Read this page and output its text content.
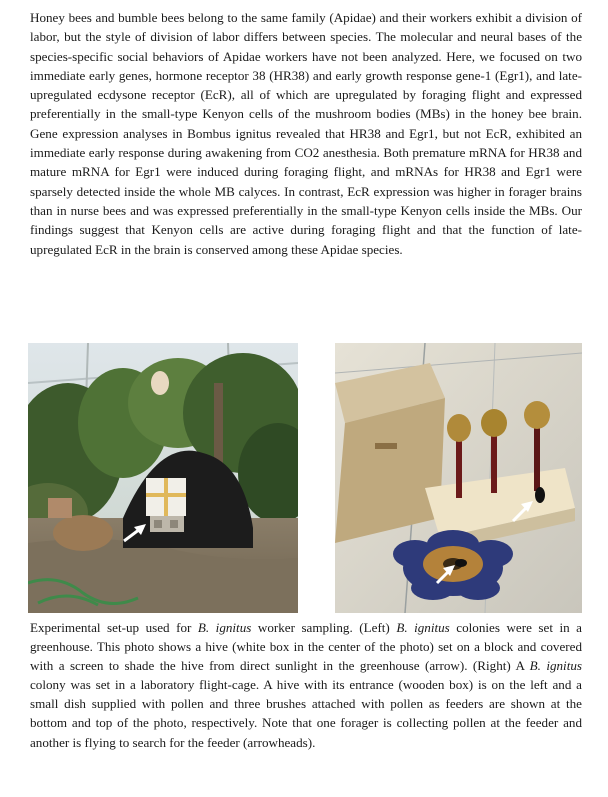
Honey bees and bumble bees belong to the same family (Apidae) and their workers exhibit a division of labor, but the style of division of labor differs between species. The molecular and neural bases of the species-specific social behaviors of Apidae workers have not been analyzed. Here, we focused on two immediate early genes, hormone receptor 38 (HR38) and early growth response gene-1 (Egr1), and late-upregulated ecdysone receptor (EcR), all of which are upregulated by foraging flight and expressed preferentially in the small-type Kenyon cells of the mushroom bodies (MBs) in the honey bee brain. Gene expression analyses in Bombus ignitus revealed that HR38 and Egr1, but not EcR, exhibited an immediate early response during awakening from CO2 anesthesia. Both premature mRNA for HR38 and mature mRNA for Egr1 were induced during foraging flight, and mRNAs for HR38 and Egr1 were sparsely detected inside the whole MB calyces. In contrast, EcR expression was higher in forager brains than in nurse bees and was expressed preferentially in the small-type Kenyon cells inside the MBs. Our findings suggest that Kenyon cells are active during foraging flight and that the function of late-upregulated EcR in the brain is conserved among these Apidae species.

Experimental set-up used for B. ignitus worker sampling. (Left) B. ignitus colonies were set in a greenhouse. This photo shows a hive (white box in the center of the photo) set on a block and covered with a screen to shade the hive from direct sunlight in the greenhouse (arrow). (Right) A B. ignitus colony was set in a laboratory flight-cage. A hive with its entrance (wooden box) is on the left and a small dish supplied with pollen and three brushes attached with pollen as feeders are shown at the bottom and top of the photo, respectively. Note that one forager is collecting pollen at the feeder and another is flying to search for the feeder (arrowheads).
